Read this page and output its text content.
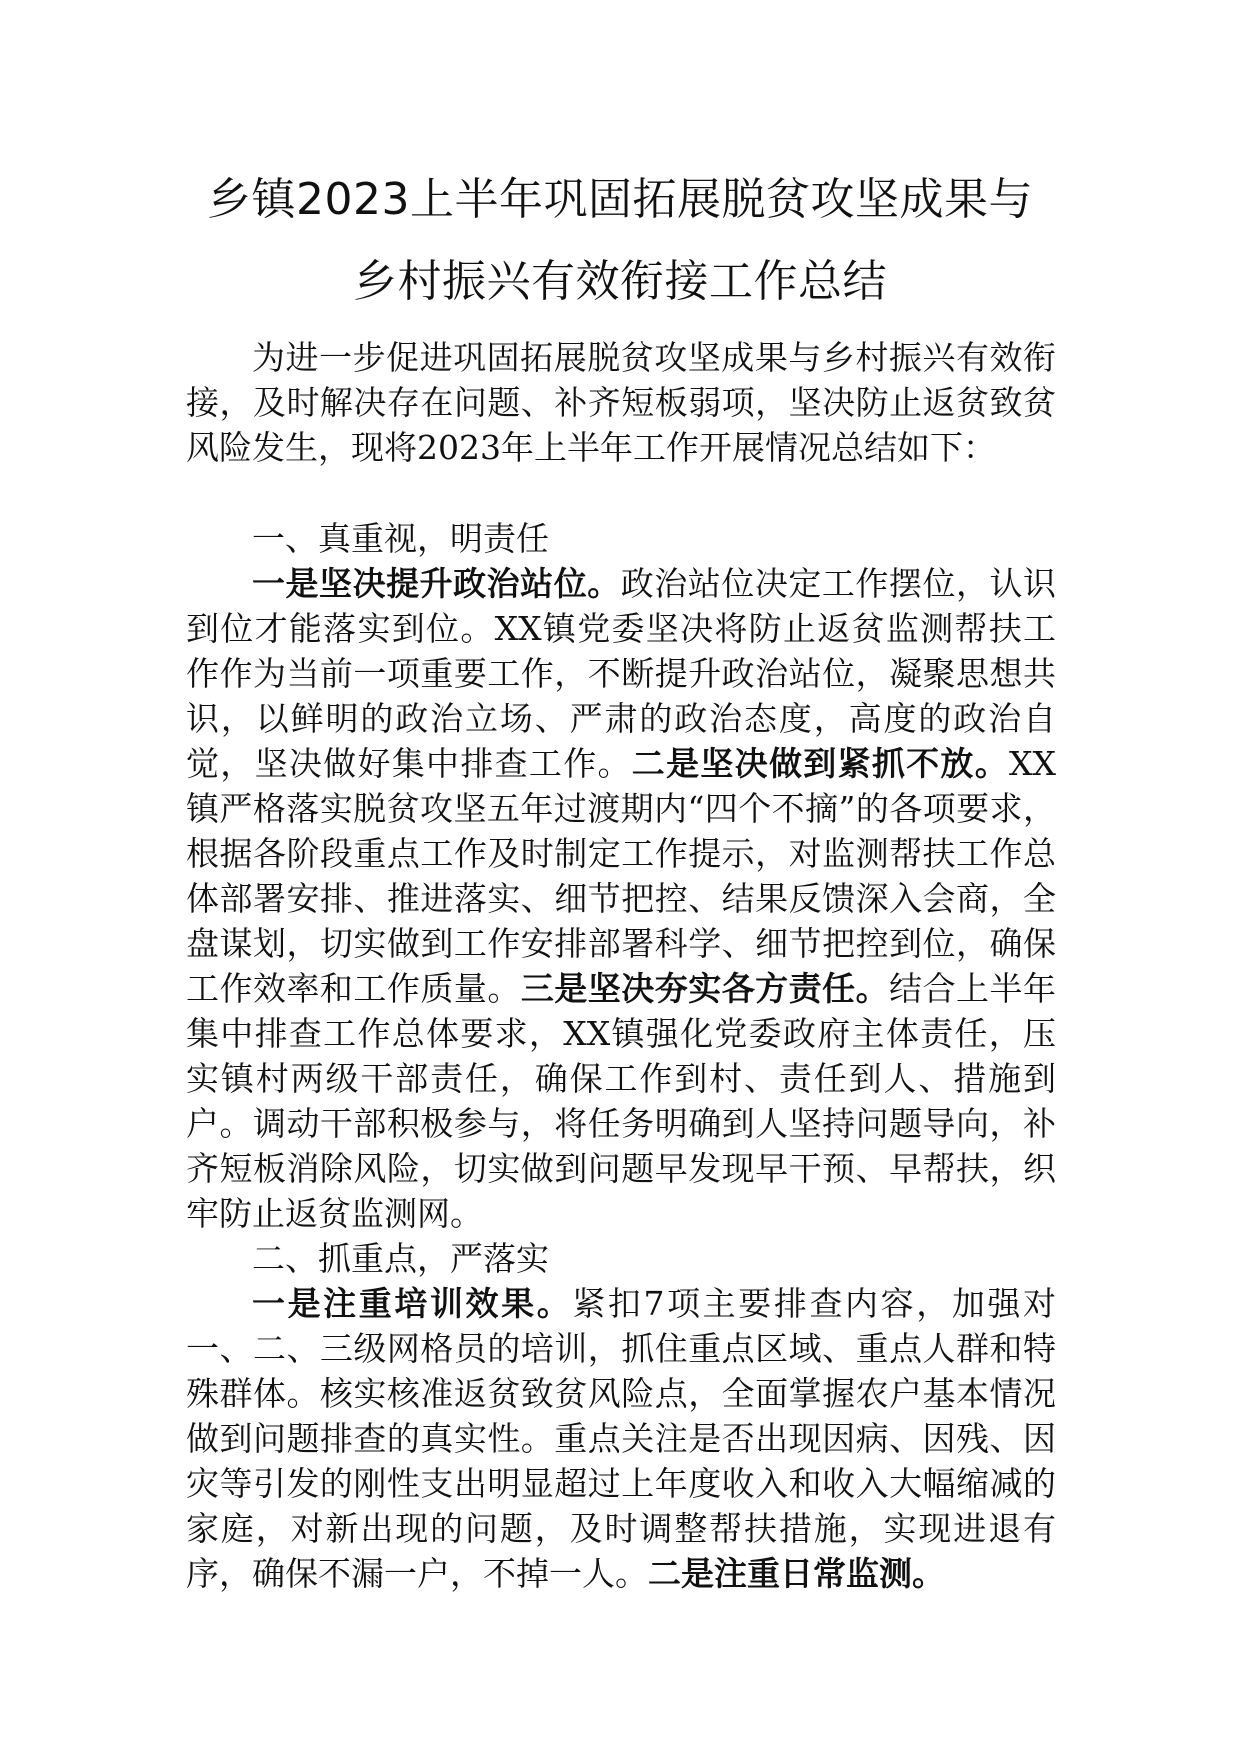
乡镇2023上半年巩固拓展脱贫攻坚成果与
乡村振兴有效衔接工作总结

为进一步促进巩固拓展脱贫攻坚成果与乡村振兴有效衔接，及时解决存在问题、补齐短板弱项，坚决防止返贫致贫风险发生，现将2023年上半年工作开展情况总结如下：

一、真重视，明责任

一是坚决提升政治站位。政治站位决定工作摆位，认识到位才能落实到位。XX镇党委坚决将防止返贫监测帮扶工作作为当前一项重要工作，不断提升政治站位，凝聚思想共识，以鲜明的政治立场、严肃的政治态度，高度的政治自觉，坚决做好集中排查工作。二是坚决做到紧抓不放。XX镇严格落实脱贫攻坚五年过渡期内“四个不摘”的各项要求，根据各阶段重点工作及时制定工作提示，对监测帮扶工作总体部署安排、推进落实、细节把控、结果反馈深入会商，全盘谋划，切实做到工作安排部署科学、细节把控到位，确保工作效率和工作质量。三是坚决夯实各方责任。结合上半年集中排查工作总体要求，XX镇强化党委政府主体责任，压实镇村两级干部责任，确保工作到村、责任到人、措施到户。调动干部积极参与，将任务明确到人坚持问题导向，补齐短板消除风险，切实做到问题早发现早干预、早帮扶，织牢防止返贫监测网。

二、抓重点，严落实

一是注重培训效果。紧扣7项主要排查内容，加强对一、二、三级网格员的培训，抓住重点区域、重点人群和特殊群体。核实核准返贫致贫风险点，全面掌握农户基本情况做到问题排查的真实性。重点关注是否出现因病、因残、因灾等引发的刚性支出明显超过上年度收入和收入大幅缩减的家庭，对新出现的问题，及时调整帮扶措施，实现进退有序，确保不漏一户，不掉一人。二是注重日常监测。
